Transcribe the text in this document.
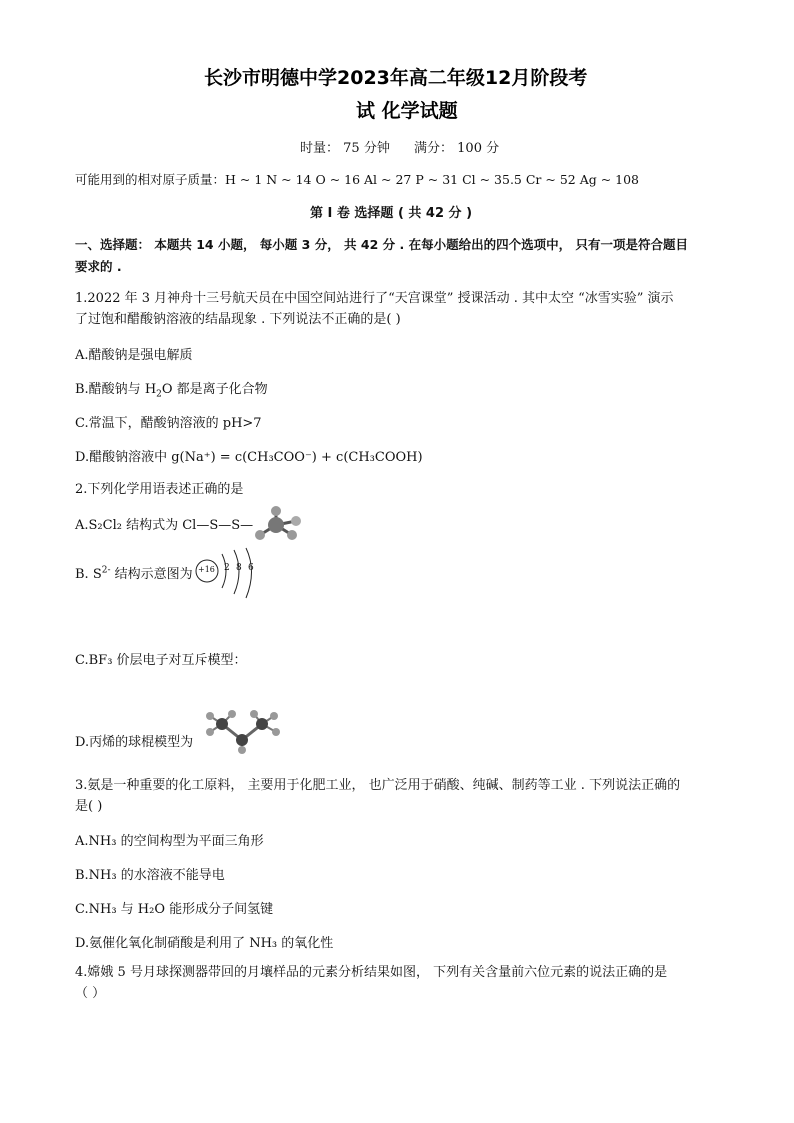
长沙市明德中学2023年高二年级12月阶段考
试 化学试题
时量： 75 分钟 满分： 100 分
可能用到的相对原子质量：H ~ 1 N ~ 14 O ~ 16 Al ~ 27 P ~ 31 Cl ~ 35.5 Cr ~ 52 Ag ~ 108
第 I 卷 选择题 ( 共 42 分 )
一、选择题： 本题共 14 小题， 每小题 3 分， 共 42 分 . 在每小题给出的四个选项中， 只有一项是符合题目
要求的 .
1.2022 年 3 月神舟十三号航天员在中国空间站进行了“天宫课堂” 授课活动 . 其中太空 “冰雪实验” 演示
了过饱和醋酸钠溶液的结晶现象 . 下列说法不正确的是( )
A.醋酸钠是强电解质
B.醋酸钠与 $H_2O$ 都是离子化合物
C.常温下，醋酸钠溶液的 pH>7
D.醋酸钠溶液中 g(Na⁺) = c(CH₃COO⁻) + c(CH₃COOH)
2.下列化学用语表述正确的是
A.S₂Cl₂ 结构式为 Cl—S—S—
B. $S^{2-}$ 结构示意图为 +16 2 8 6
C.BF₃ 价层电子对互斥模型：
D.丙烯的球棍模型为
3.氨是一种重要的化工原料， 主要用于化肥工业， 也广泛用于硝酸、纯碱、制药等工业 . 下列说法正确的
是( )
A.NH₃ 的空间构型为平面三角形
B.NH₃ 的水溶液不能导电
C.NH₃ 与 H₂O 能形成分子间氢键
D.氨催化氧化制硝酸是利用了 NH₃ 的氧化性
4.嫦娥 5 号月球探测器带回的月壤样品的元素分析结果如图， 下列有关含量前六位元素的说法正确的是
（ ）
